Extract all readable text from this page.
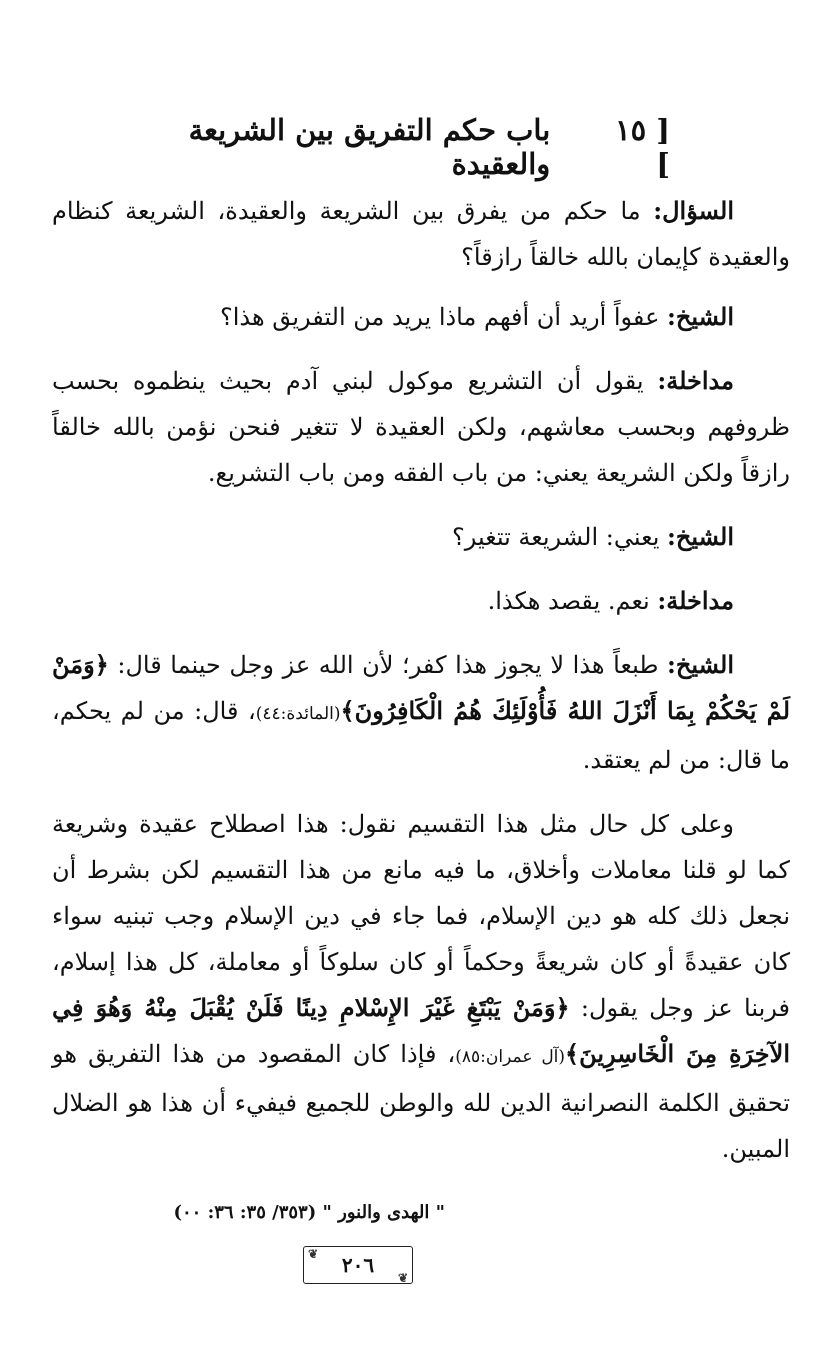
[ ١٥ ]
باب حكم التفريق بين الشريعة والعقيدة

السؤال: ما حكم من يفرق بين الشريعة والعقيدة، الشريعة كنظام والعقيدة كإيمان بالله خالقاً رازقاً؟

الشيخ: عفواً أريد أن أفهم ماذا يريد من التفريق هذا؟

مداخلة: يقول أن التشريع موكول لبني آدم بحيث ينظموه بحسب ظروفهم وبحسب معاشهم، ولكن العقيدة لا تتغير فنحن نؤمن بالله خالقاً رازقاً ولكن الشريعة يعني: من باب الفقه ومن باب التشريع.

الشيخ: يعني: الشريعة تتغير؟

مداخلة: نعم. يقصد هكذا.

الشيخ: طبعاً هذا لا يجوز هذا كفر؛ لأن الله عز وجل حينما قال: ﴿وَمَنْ لَمْ يَحْكُمْ بِمَا أَنْزَلَ اللهُ فَأُوْلَئِكَ هُمُ الْكَافِرُونَ﴾(المائدة:٤٤)، قال: من لم يحكم، ما قال: من لم يعتقد.

وعلى كل حال مثل هذا التقسيم نقول: هذا اصطلاح عقيدة وشريعة كما لو قلنا معاملات وأخلاق، ما فيه مانع من هذا التقسيم لكن بشرط أن نجعل ذلك كله هو دين الإسلام، فما جاء في دين الإسلام وجب تبنيه سواء كان عقيدةً أو كان شريعةً وحكماً أو كان سلوكاً أو معاملة، كل هذا إسلام، فربنا عز وجل يقول: ﴿وَمَنْ يَبْتَغِ غَيْرَ الإِسْلامِ دِينًا فَلَنْ يُقْبَلَ مِنْهُ وَهُوَ فِي الآخِرَةِ مِنَ الْخَاسِرِينَ﴾(آل عمران:٨٥)، فإذا كان المقصود من هذا التفريق هو تحقيق الكلمة النصرانية الدين لله والوطن للجميع فيفيء أن هذا هو الضلال المبين.

" الهدى والنور " (٣٥٣/ ٣٥: ٣٦: ٠٠)
❦ ٢٠٦
❦
